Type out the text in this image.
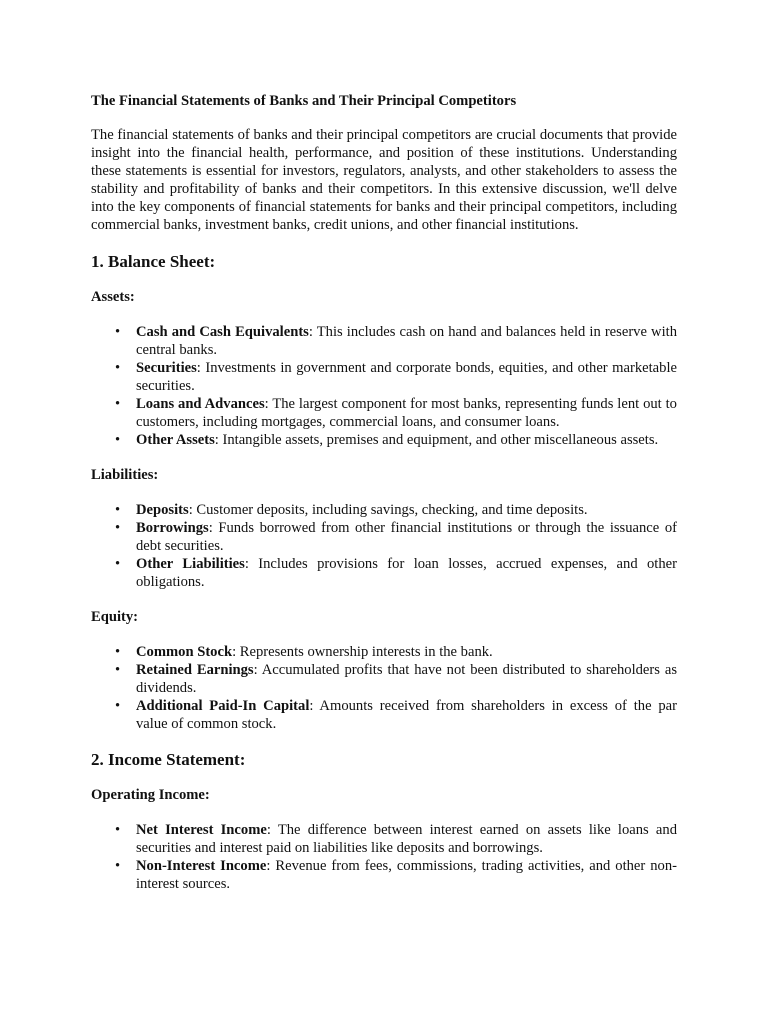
The Financial Statements of Banks and Their Principal Competitors
The financial statements of banks and their principal competitors are crucial documents that provide insight into the financial health, performance, and position of these institutions. Understanding these statements is essential for investors, regulators, analysts, and other stakeholders to assess the stability and profitability of banks and their competitors. In this extensive discussion, we'll delve into the key components of financial statements for banks and their principal competitors, including commercial banks, investment banks, credit unions, and other financial institutions.
1. Balance Sheet:
Assets:
• Cash and Cash Equivalents: This includes cash on hand and balances held in reserve with central banks.
• Securities: Investments in government and corporate bonds, equities, and other marketable securities.
• Loans and Advances: The largest component for most banks, representing funds lent out to customers, including mortgages, commercial loans, and consumer loans.
• Other Assets: Intangible assets, premises and equipment, and other miscellaneous assets.
Liabilities:
• Deposits: Customer deposits, including savings, checking, and time deposits.
• Borrowings: Funds borrowed from other financial institutions or through the issuance of debt securities.
• Other Liabilities: Includes provisions for loan losses, accrued expenses, and other obligations.
Equity:
• Common Stock: Represents ownership interests in the bank.
• Retained Earnings: Accumulated profits that have not been distributed to shareholders as dividends.
• Additional Paid-In Capital: Amounts received from shareholders in excess of the par value of common stock.
2. Income Statement:
Operating Income:
• Net Interest Income: The difference between interest earned on assets like loans and securities and interest paid on liabilities like deposits and borrowings.
• Non-Interest Income: Revenue from fees, commissions, trading activities, and other non-interest sources.
